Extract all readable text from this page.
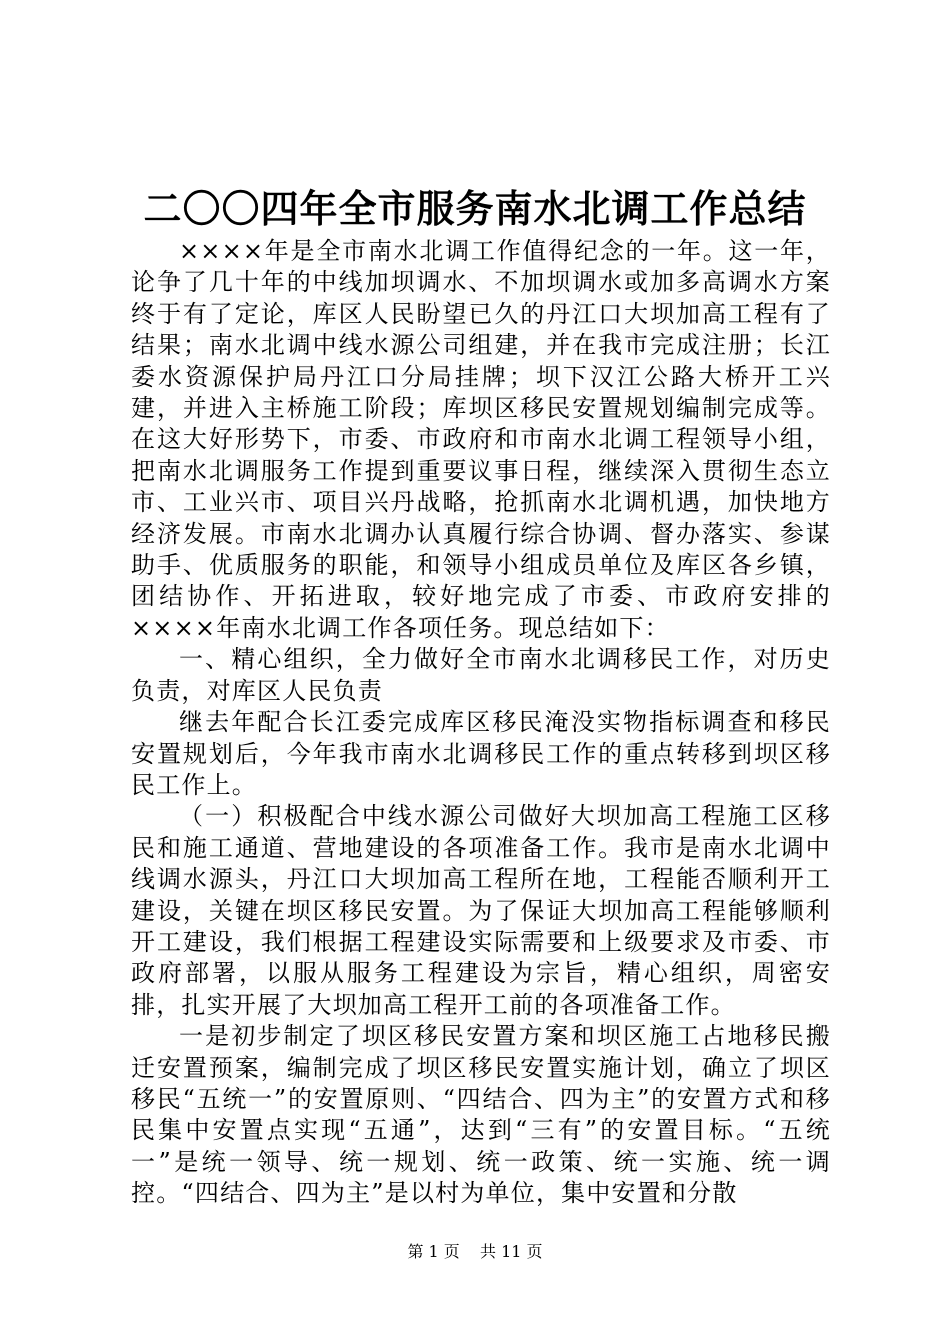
二〇〇四年全市服务南水北调工作总结

××××年是全市南水北调工作值得纪念的一年。这一年，论争了几十年的中线加坝调水、不加坝调水或加多高调水方案终于有了定论，库区人民盼望已久的丹江口大坝加高工程有了结果；南水北调中线水源公司组建，并在我市完成注册；长江委水资源保护局丹江口分局挂牌；坝下汉江公路大桥开工兴建，并进入主桥施工阶段；库坝区移民安置规划编制完成等。在这大好形势下，市委、市政府和市南水北调工程领导小组，把南水北调服务工作提到重要议事日程，继续深入贯彻生态立市、工业兴市、项目兴丹战略，抢抓南水北调机遇，加快地方经济发展。市南水北调办认真履行综合协调、督办落实、参谋助手、优质服务的职能，和领导小组成员单位及库区各乡镇，团结协作、开拓进取，较好地完成了市委、市政府安排的××××年南水北调工作各项任务。现总结如下：

一、精心组织，全力做好全市南水北调移民工作，对历史负责，对库区人民负责

继去年配合长江委完成库区移民淹没实物指标调查和移民安置规划后，今年我市南水北调移民工作的重点转移到坝区移民工作上。

（一）积极配合中线水源公司做好大坝加高工程施工区移民和施工通道、营地建设的各项准备工作。我市是南水北调中线调水源头，丹江口大坝加高工程所在地，工程能否顺利开工建设，关键在坝区移民安置。为了保证大坝加高工程能够顺利开工建设，我们根据工程建设实际需要和上级要求及市委、市政府部署，以服从服务工程建设为宗旨，精心组织，周密安排，扎实开展了大坝加高工程开工前的各项准备工作。

一是初步制定了坝区移民安置方案和坝区施工占地移民搬迁安置预案，编制完成了坝区移民安置实施计划，确立了坝区移民“五统一”的安置原则、“四结合、四为主”的安置方式和移民集中安置点实现“五通”，达到“三有”的安置目标。“五统一”是统一领导、统一规划、统一政策、统一实施、统一调控。“四结合、四为主”是以村为单位，集中安置和分散

第 1 页 共 11 页
